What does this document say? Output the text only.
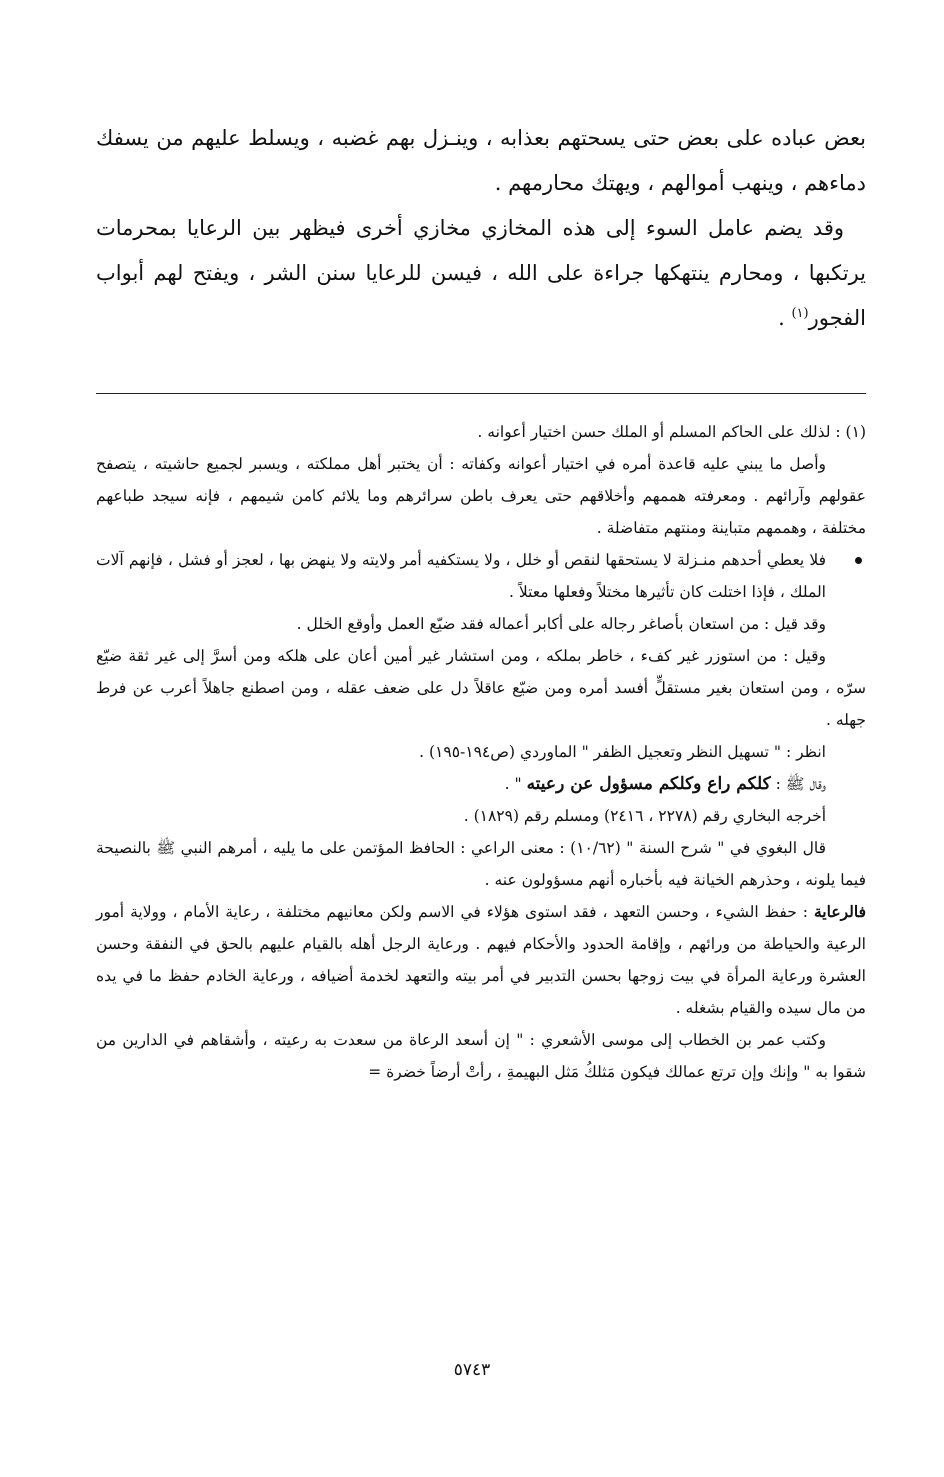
بعض عباده على بعض حتى يسحتهم بعذابه ، وينـزل بهم غضبه ، ويسلط عليهم من يسفك دماءهم ، وينهب أموالهم ، ويهتك محارمهم .

وقد يضم عامل السوء إلى هذه المخازي مخازي أخرى فيظهر بين الرعايا بمحرمات يرتكبها ، ومحارم ينتهكها جراءة على الله ، فيسن للرعايا سنن الشر ، ويفتح لهم أبواب الفجور$^{(١)}$ .

(١) : لذلك على الحاكم المسلم أو الملك حسن اختيار أعوانه .

وأصل ما يبني عليه قاعدة أمره في اختيار أعوانه وكفاته : أن يختبر أهل مملكته ، ويسبر لجميع حاشيته ، يتصفح عقولهم وآرائهم . ومعرفته هممهم وأخلاقهم حتى يعرف باطن سرائرهم وما يلائم كامن شيمهم ، فإنه سيجد طباعهم مختلفة ، وهممهم متباينة ومنتهم متفاضلة .

فلا يعطي أحدهم منـزلة لا يستحقها لنقص أو خلل ، ولا يستكفيه أمر ولايته ولا ينهض بها ، لعجز أو فشل ، فإنهم آلات الملك ، فإذا اختلت كان تأثيرها مختلاً وفعلها معتلاً .

وقد قيل : من استعان بأصاغر رجاله على أكابر أعماله فقد ضيّع العمل وأوقع الخلل .

وقيل : من استوزر غير كفء ، خاطر بملكه ، ومن استشار غير أمين أعان على هلكه ومن أسرَّ إلى غير ثقة ضيّع سرّه ، ومن استعان بغير مستقلٍّ أفسد أمره ومن ضيّع عاقلاً دل على ضعف عقله ، ومن اصطنع جاهلاً أعرب عن فرط جهله .

انظر : " تسهيل النظر وتعجيل الظفر " الماوردي (ص١٩٤-١٩٥) .

وقال ﷺ : كلكم راع وكلكم مسؤول عن رعيته " .

أخرجه البخاري رقم (٢٢٧٨ ، ٢٤١٦) ومسلم رقم (١٨٢٩) .

قال البغوي في " شرح السنة " (١٠/٦٢) : معنى الراعي : الحافظ المؤتمن على ما يليه ، أمرهم النبي ﷺ بالنصيحة فيما يلونه ، وحذرهم الخيانة فيه بأخباره أنهم مسؤولون عنه .

فالرعاية : حفظ الشيء ، وحسن التعهد ، فقد استوى هؤلاء في الاسم ولكن معانيهم مختلفة ، رعاية الأمام ، وولاية أمور الرعية والحياطة من ورائهم ، وإقامة الحدود والأحكام فيهم . ورعاية الرجل أهله بالقيام عليهم بالحق في النفقة وحسن العشرة ورعاية المرأة في بيت زوجها بحسن التدبير في أمر بيته والتعهد لخدمة أضيافه ، ورعاية الخادم حفظ ما في يده من مال سيده والقيام بشغله .

وكتب عمر بن الخطاب إلى موسى الأشعري : " إن أسعد الرعاة من سعدت به رعيته ، وأشقاهم في الدارين من شقوا به " وإنك وإن ترتع عمالك فيكون مَثلكُ مَثل البهيمةِ ، رأتْ أرضاً خضرة =

٥٧٤٣
